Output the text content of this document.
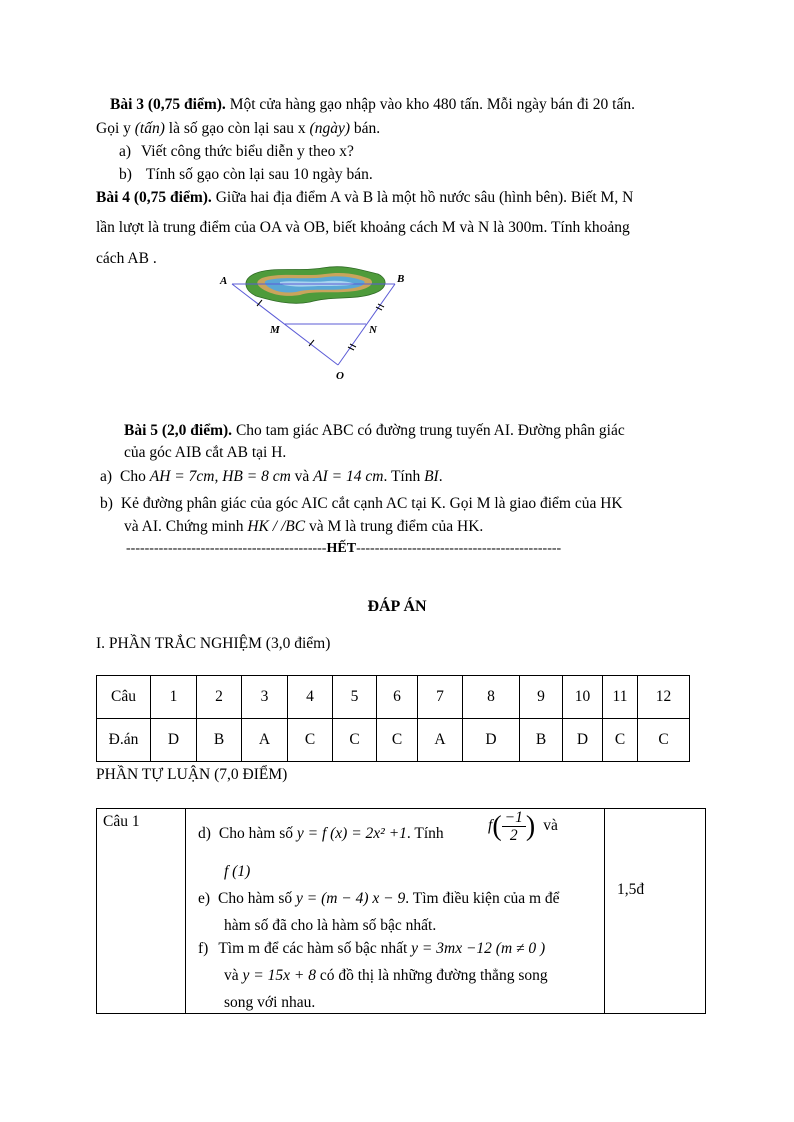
Bài 3 (0,75 điểm). Một cửa hàng gạo nhập vào kho 480 tấn. Mỗi ngày bán đi 20 tấn.
Gọi y (tấn) là số gạo còn lại sau x (ngày) bán.
a) Viết công thức biểu diễn y theo x?
b) Tính số gạo còn lại sau 10 ngày bán.
Bài 4 (0,75 điểm). Giữa hai địa điểm A và B là một hồ nước sâu (hình bên). Biết M, N
lần lượt là trung điểm của OA và OB, biết khoảng cách M và N là 300m. Tính khoảng
cách AB .
A	B
M	N
O
Bài 5 (2,0 điểm). Cho tam giác ABC có đường trung tuyến AI. Đường phân giác
của góc AIB cắt AB tại H.
a) Cho AH = 7cm, HB = 8 cm và AI = 14 cm. Tính BI.
b) Kẻ đường phân giác của góc AIC cắt cạnh AC tại K. Gọi M là giao điểm của HK
và AI. Chứng minh HK / /BC và M là trung điểm của HK.
-------------------------------------------HẾT--------------------------------------------
ĐÁP ÁN
I. PHẦN TRẮC NGHIỆM (3,0 điểm)
Câu	1	2	3	4	5	6	7	8	9	10	11	12
Đ.án	D	B	A	C	C	C	A	D	B	D	C	C
PHẦN TỰ LUẬN (7,0 ĐIỂM)
Câu 1	
d) Cho hàm số y = f (x) = 2x² +1. Tính	$f( \frac{-1}{2}$ ) và
f (1)
e) Cho hàm số y = (m − 4) x − 9. Tìm điều kiện của m để
hàm số đã cho là hàm số bậc nhất.
f) Tìm m để các hàm số bậc nhất y = 3mx −12 (m ≠ 0 )
và y = 15x + 8 có đồ thị là những đường thẳng song
song với nhau.
	1,5đ
